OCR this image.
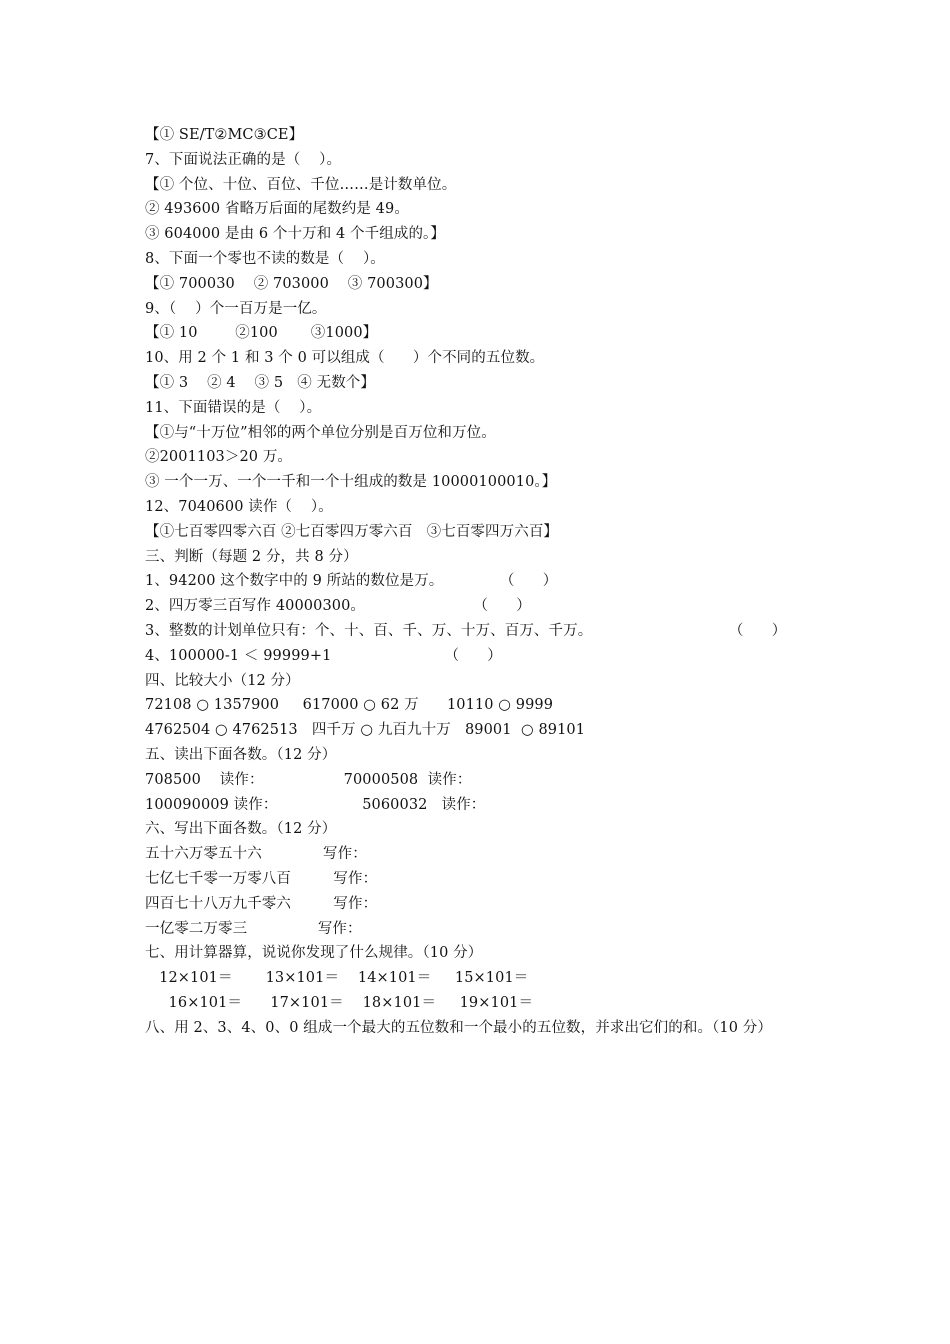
【① SE/T②MC③CE】
7、下面说法正确的是（    ）。
【① 个位、十位、百位、千位……是计数单位。
② 493600 省略万后面的尾数约是 49。
③ 604000 是由 6 个十万和 4 个千组成的。】
8、下面一个零也不读的数是（    ）。
【① 700030    ② 703000    ③ 700300】
9、（    ）个一百万是一亿。
【① 10        ②100       ③1000】
10、用 2 个 1 和 3 个 0 可以组成（      ）个不同的五位数。
【① 3    ② 4    ③ 5   ④ 无数个】
11、下面错误的是（    ）。
【①与“十万位”相邻的两个单位分别是百万位和万位。
②2001103＞20 万。
③ 一个一万、一个一千和一个十组成的数是 10000100010。】
12、7040600 读作（    ）。
【①七百零四零六百 ②七百零四万零六百   ③七百零四万六百】
三、判断（每题 2 分，共 8 分）
1、94200 这个数字中的 9 所站的数位是万。            （      ）
2、四万零三百写作 40000300。                       （      ）
3、整数的计划单位只有：个、十、百、千、万、十万、百万、千万。                             （      ）
4、100000-1 ＜ 99999+1                        （      ）
四、比较大小（12 分）
72108 ○ 1357900     617000 ○ 62 万      10110 ○ 9999
4762504 ○ 4762513   四千万 ○ 九百九十万   89001  ○ 89101
五、读出下面各数。（12 分）
708500    读作：                 70000508  读作：
100090009 读作：                  5060032   读作：
六、写出下面各数。（12 分）
五十六万零五十六             写作：
七亿七千零一万零八百         写作：
四百七十八万九千零六         写作：
一亿零二万零三               写作：
七、用计算器算，说说你发现了什么规律。（10 分）
12×101＝       13×101＝    14×101＝     15×101＝
16×101＝      17×101＝    18×101＝     19×101＝
八、用 2、3、4、0、0 组成一个最大的五位数和一个最小的五位数，并求出它们的和。（10 分）
